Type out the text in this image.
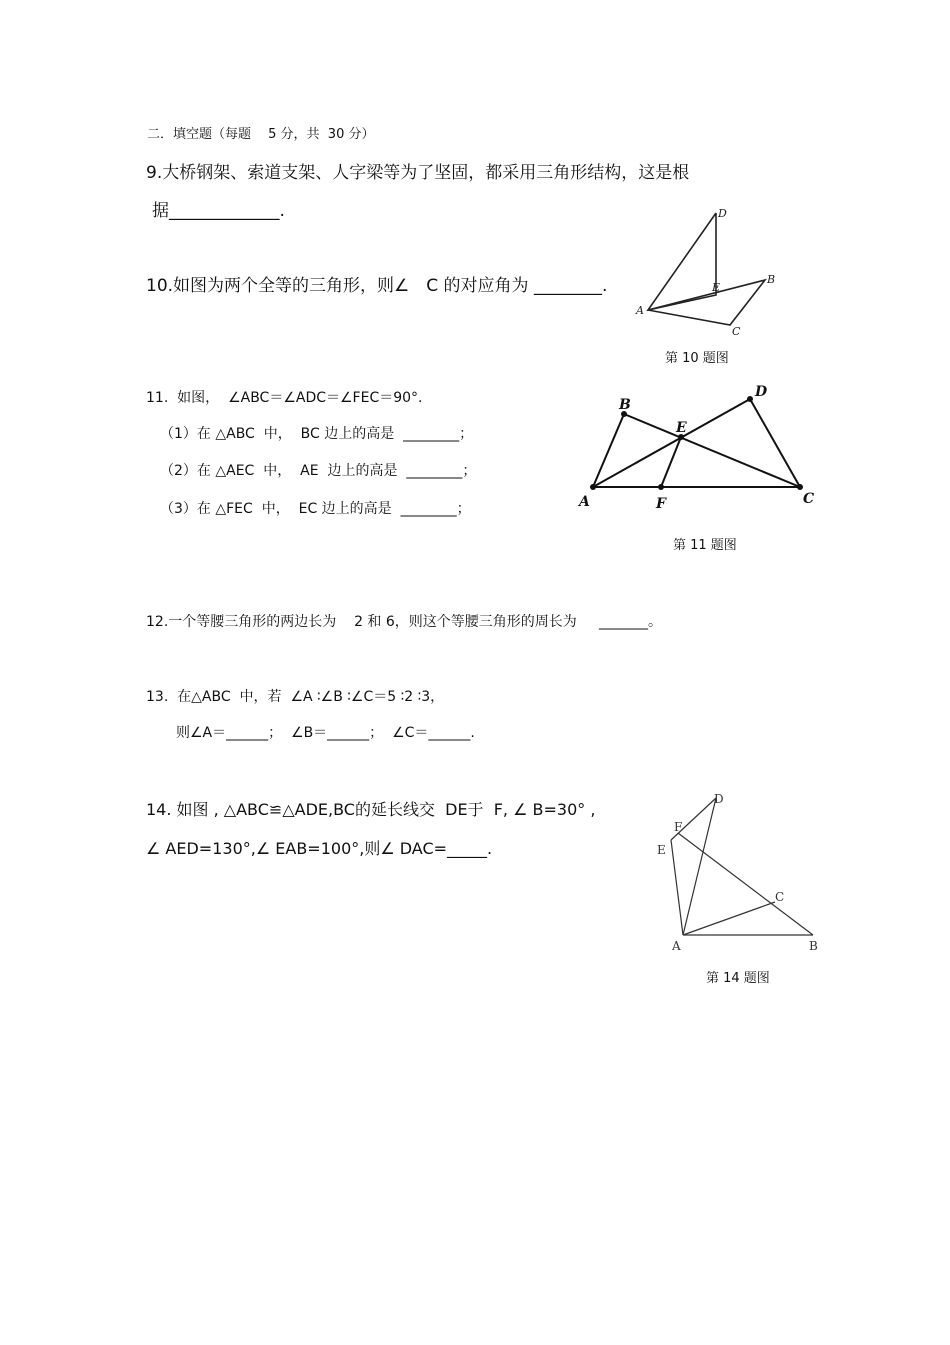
二．填空题（每题　 5 分，共  30 分）
9.大桥钢架、索道支架、人字梁等为了坚固，都采用三角形结构，这是根
据_____________.
10.如图为两个全等的三角形，则∠　C 的对应角为 ________.
D
E
B
A
C
第 10 题图
11.  如图，  ∠ABC＝∠ADC＝∠FEC＝90°.
（1）在 △ABC  中，  BC 边上的高是  ________；
（2）在 △AEC  中，  AE  边上的高是  ________；
（3）在 △FEC  中，  EC 边上的高是  ________；
B
D
E
A	F	C
第 11 题图
12.一个等腰三角形的两边长为    2 和 6，则这个等腰三角形的周长为     _______。
13.  在△ABC  中，若  ∠A ∶∠B ∶∠C＝5 ∶2 ∶3，
则∠A＝______；  ∠B＝______；  ∠C＝______.
14. 如图 , △ABC≌△ADE,BC的延长线交  DE于  F, ∠ B=30° ,
∠ AED=130°,∠ EAB=100°,则∠ DAC=_____.
D
F
E
C
A	B
第 14 题图
